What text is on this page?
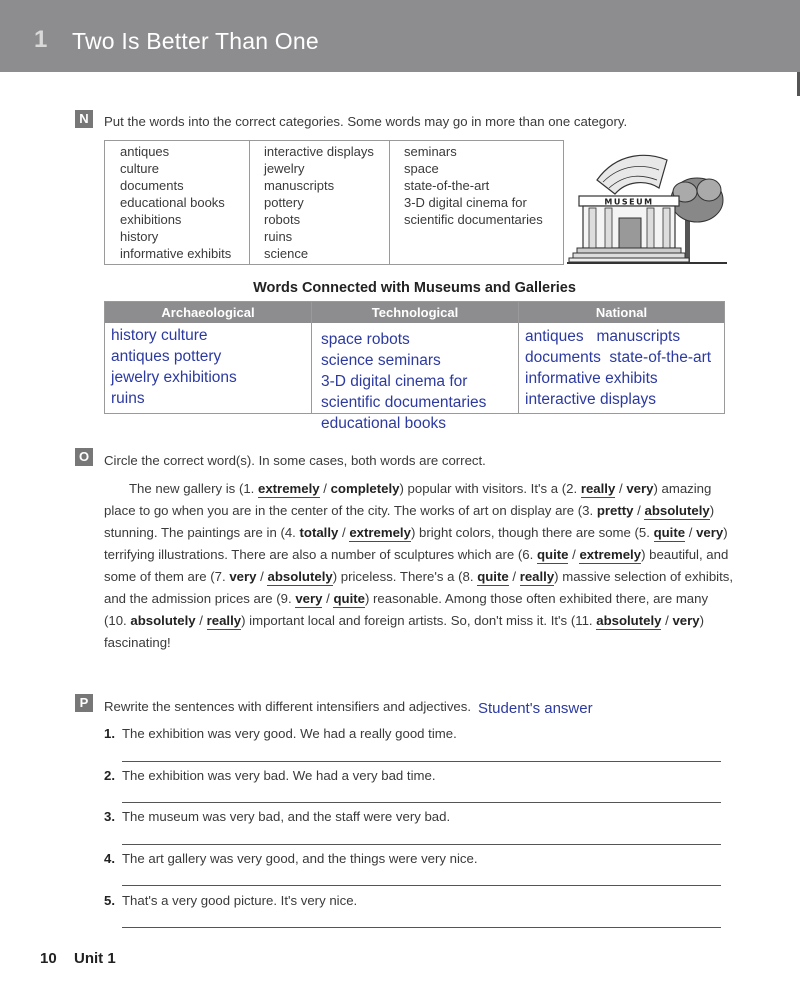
1 Two Is Better Than One
N	Put the words into the correct categories. Some words may go in more than one category.
antiques
culture
documents
educational books
exhibitions
history
informative exhibits
interactive displays
jewelry
manuscripts
pottery
robots
ruins
science
seminars
space
state-of-the-art
3-D digital cinema for
scientific documentaries
MUSEUM
Words Connected with Museums and Galleries
Archaeological
history culture
antiques pottery
jewelry exhibitions
ruins
Technological
space robots
science seminars
3-D digital cinema for
scientific documentaries
educational books
National
antiques   manuscripts
documents  state-of-the-art
informative exhibits
interactive displays
O Circle the correct word(s). In some cases, both words are correct.
The new gallery is (1. extremely / completely) popular with visitors. It's a (2. really / very) amazing
place to go when you are in the center of the city. The works of art on display are (3. pretty / absolutely)
stunning. The paintings are in (4. totally / extremely) bright colors, though there are some (5. quite / very)
terrifying illustrations. There are also a number of sculptures which are (6. quite / extremely) beautiful, and
some of them are (7. very / absolutely) priceless. There's a (8. quite / really) massive selection of exhibits,
and the admission prices are (9. very / quite) reasonable. Among those often exhibited there, are many
(10. absolutely / really) important local and foreign artists. So, don't miss it. It's (11. absolutely / very)
fascinating!
P	Rewrite the sentences with different intensifiers and adjectives. Student's answer
1. The exhibition was very good. We had a really good time.
2. The exhibition was very bad. We had a very bad time.
3. The museum was very bad, and the staff were very bad.
4. The art gallery was very good, and the things were very nice.
5. That's a very good picture. It's very nice.
10 Unit 1
